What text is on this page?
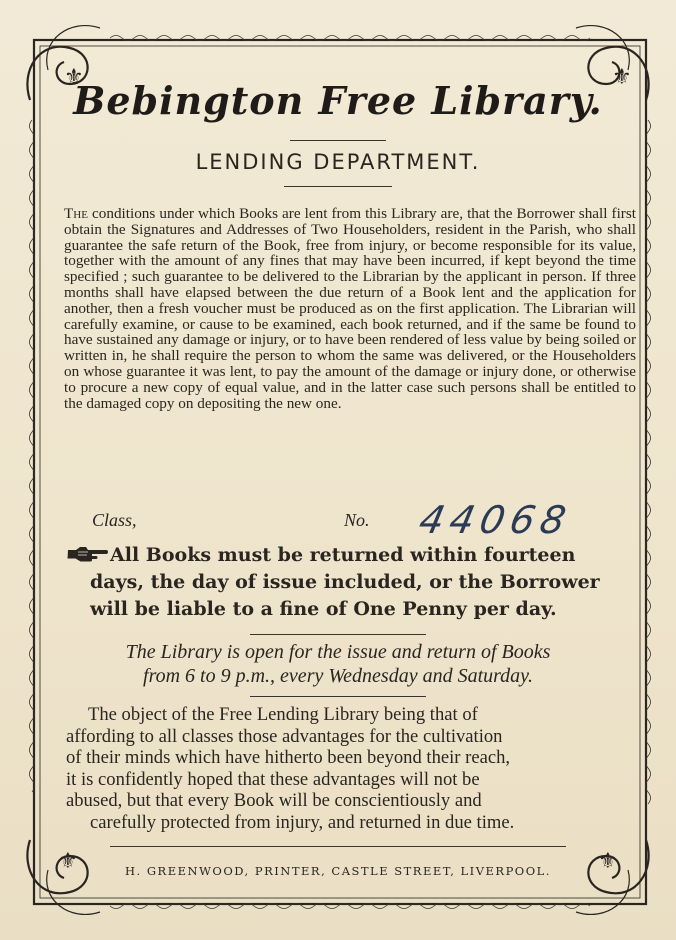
⚜	⚜
⚜	⚜
Bebington Free Library.
LENDING DEPARTMENT.
The conditions under which Books are lent from this Library are, that the Borrower shall first obtain the Signatures and Addresses of Two Householders, resident in the Parish, who shall guarantee the safe return of the Book, free from injury, or become responsible for its value, together with the amount of any fines that may have been incurred, if kept beyond the time specified ; such guarantee to be delivered to the Librarian by the applicant in person. If three months shall have elapsed between the due return of a Book lent and the application for another, then a fresh voucher must be produced as on the first application. The Librarian will carefully examine, or cause to be examined, each book returned, and if the same be found to have sustained any damage or injury, or to have been rendered of less value by being soiled or written in, he shall require the person to whom the same was delivered, or the Householders on whose guarantee it was lent, to pay the amount of the damage or injury done, or otherwise to procure a new copy of equal value, and in the latter case such persons shall be entitled to the damaged copy on depositing the new one.
Class,	No. 44068
All Books must be returned within fourteen
days, the day of issue included, or the Borrower
will be liable to a fine of One Penny per day.
The Library is open for the issue and return of Books
from 6 to 9 p.m., every Wednesday and Saturday.
The object of the Free Lending Library being that of
affording to all classes those advantages for the cultivation
of their minds which have hitherto been beyond their reach,
it is confidently hoped that these advantages will not be
abused, but that every Book will be conscientiously and
carefully protected from injury, and returned in due time.
H. GREENWOOD, PRINTER, CASTLE STREET, LIVERPOOL.
